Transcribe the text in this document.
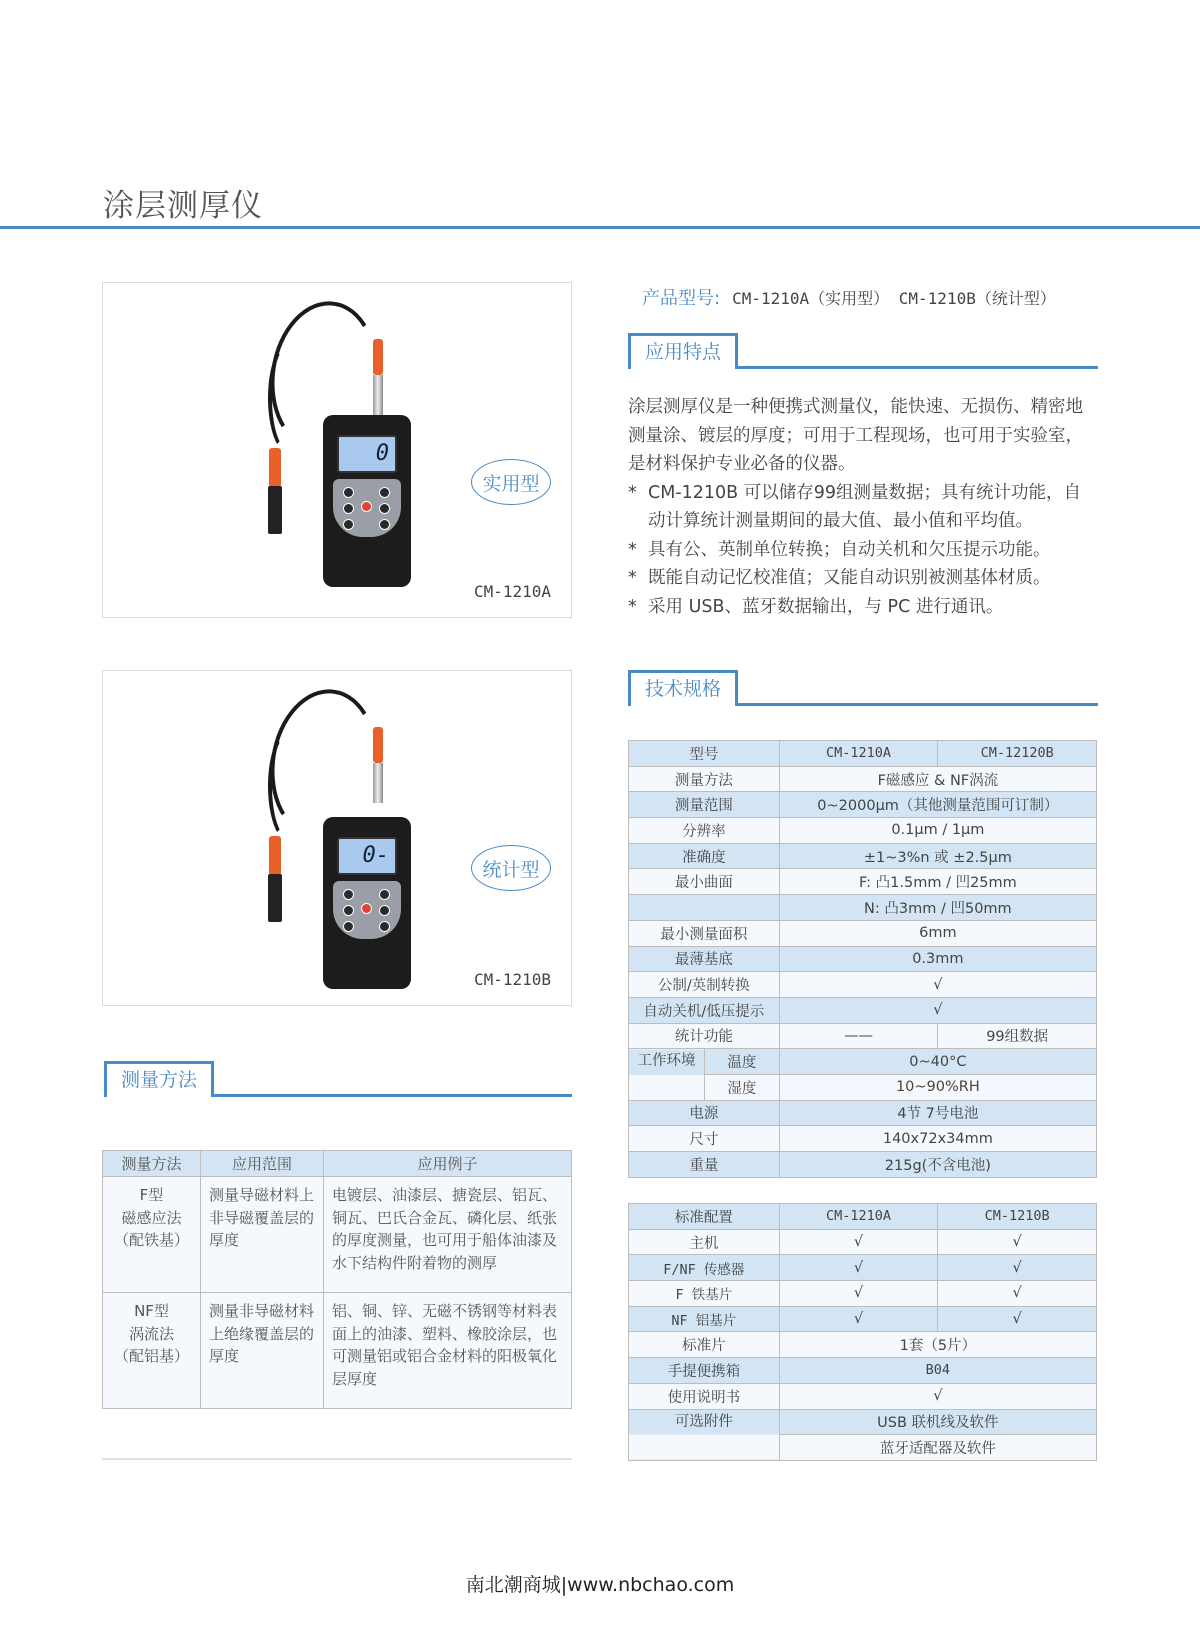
涂层测厚仪
0
实用型
CM-1210A
0-
统计型
CM-1210B
产品型号: CM-1210A（实用型） CM-1210B（统计型）
应用特点
涂层测厚仪是一种便携式测量仪，能快速、无损伤、精密地测量涂、镀层的厚度；可用于工程现场，也可用于实验室，是材料保护专业必备的仪器。
* CM-1210B 可以储存99组测量数据；具有统计功能，自动计算统计测量期间的最大值、最小值和平均值。
* 具有公、英制单位转换；自动关机和欠压提示功能。
* 既能自动记忆校准值；又能自动识别被测基体材质。
* 采用 USB、蓝牙数据输出，与 PC 进行通讯。
技术规格
型号		CM-1210A	CM-12120B
测量方法		F磁感应 & NF涡流	
测量范围		0~2000μm（其他测量范围可订制）	
分辨率		0.1μm / 1μm	
准确度		±1~3%n 或 ±2.5μm	
最小曲面		F: 凸1.5mm / 凹25mm	
		N: 凸3mm / 凹50mm	
最小测量面积		6mm	
最薄基底		0.3mm	
公制/英制转换		√	
自动关机/低压提示		√	
统计功能		——	99组数据
工作环境	温度	0~40°C	
	湿度	10~90%RH	
电源		4节 7号电池	
尺寸		140x72x34mm	
重量		215g(不含电池)	
标准配置	CM-1210A	CM-1210B
主机	√	√
F/NF 传感器	√	√
F 铁基片	√	√
NF 铝基片	√	√
标准片	1套（5片）	
手提便携箱	B04	
使用说明书	√	
可选附件	USB 联机线及软件	
	蓝牙适配器及软件	
测量方法
测量方法	应用范围	应用例子

F型
磁感应法
（配铁基）	测量导磁材料上非导磁覆盖层的厚度	电镀层、油漆层、搪瓷层、铝瓦、铜瓦、巴氏合金瓦、磷化层、纸张的厚度测量，也可用于船体油漆及水下结构件附着物的测厚

NF型
涡流法
（配铝基）	测量非导磁材料上绝缘覆盖层的厚度	铝、铜、锌、无磁不锈钢等材料表面上的油漆、塑料、橡胶涂层，也可测量铝或铝合金材料的阳极氧化层厚度
南北潮商城|www.nbchao.com
